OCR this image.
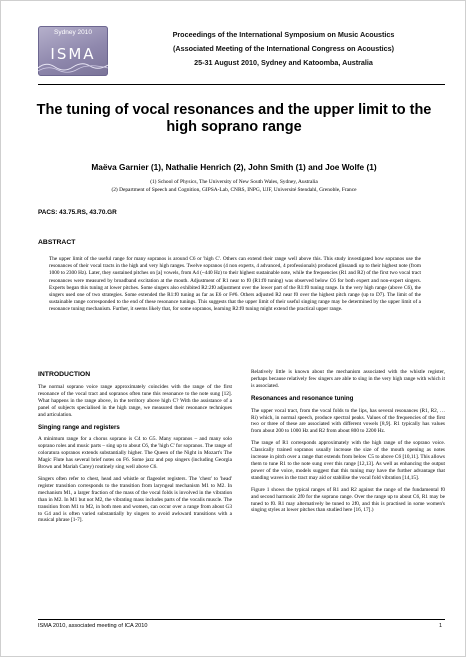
Sydney 2010
ISMA
Proceedings of the International Symposium on Music Acoustics
(Associated Meeting of the International Congress on Acoustics)
25-31 August 2010, Sydney and Katoomba, Australia
The tuning of vocal resonances and the upper limit to the high soprano range
Maëva Garnier (1), Nathalie Henrich (2), John Smith (1) and Joe Wolfe (1)
(1) School of Physics, The University of New South Wales, Sydney, Australia
(2) Department of Speech and Cognition, GIPSA-Lab, CNRS, INPG, UJF, Université Stendahl, Grenoble, France
PACS: 43.75.RS, 43.70.GR
ABSTRACT
The upper limit of the useful range for many sopranos is around C6 or 'high C'. Others can extend their range well above this. This study investigated how sopranos use the resonances of their vocal tracts in the high and very high ranges. Twelve sopranos (4 non experts, 4 advanced, 4 professionals) produced glissandi up to their highest note (from 1000 to 2300 Hz). Later, they sustained pitches on [a] vowels, from A4 (~440 Hz) to their highest sustainable note, while the frequencies (R1 and R2) of the first two vocal tract resonances were measured by broadband excitation at the mouth. Adjustment of R1 near to f0 (R1:f0 tuning) was observed below C6 for both expert and non-expert singers. Experts began this tuning at lower pitches. Some singers also exhibited R2:2f0 adjustment over the lower part of the R1:f0 tuning range. In the very high range (above C6), the singers used one of two strategies. Some extended the R1:f0 tuning as far as E6 or F#6. Others adjusted R2 near f0 over the highest pitch range (up to D7). The limit of the sustainable range corresponded to the end of these resonance tunings. This suggests that the upper limit of their useful singing range may be determined by the upper limit of a resonance tuning mechanism. Further, it seems likely that, for some sopranos, learning R2:f0 tuning might extend the practical upper range.
INTRODUCTION

The normal soprano voice range approximately coincides with the range of the first resonance of the vocal tract and sopranos often tune this resonance to the note sung [12]. What happens in the range above, in the territory above high C? With the assistance of a panel of subjects specialised in the high range, we measured their resonance techniques and articulation.

Singing range and registers

A minimum range for a chorus soprano is C4 to G5. Many sopranos – and many solo soprano roles and music parts – sing up to about C6, the 'high C' for sopranos. The range of coloratura sopranos extends substantially higher. The Queen of the Night in Mozart's The Magic Flute has several brief notes on F6. Some jazz and pop singers (including Georgia Brown and Mariah Carey) routinely sing well above C6.

Singers often refer to chest, head and whistle or flageolet registers. The 'chest' to 'head' register transition corresponds to the transition from laryngeal mechanism M1 to M2. In mechanism M1, a larger fraction of the mass of the vocal folds is involved in the vibration than in M2. In M1 but not M2, the vibrating mass includes parts of the vocalis muscle. The transition from M1 to M2, in both men and women, can occur over a range from about G3 to G4 and is often varied substantially by singers to avoid awkward transitions with a musical phrase [1-7].

Relatively little is known about the mechanism associated with the whistle register, perhaps because relatively few singers are able to sing in the very high range with which it is associated.

Resonances and resonance tuning

The upper vocal tract, from the vocal folds to the lips, has several resonances (R1, R2, … Ri) which, in normal speech, produce spectral peaks. Values of the frequencies of the first two or three of these are associated with different vowels [8,9]. R1 typically has values from about 200 to 1000 Hz and R2 from about 800 to 2200 Hz.

The range of R1 corresponds approximately with the high range of the soprano voice. Classically trained sopranos usually increase the size of the mouth opening as notes increase in pitch over a range that extends from below C5 to above C6 [10,11]. This allows them to tune R1 to the note sung over this range [12,13]. As well as enhancing the output power of the voice, models suggest that this tuning may have the further advantage that standing waves in the tract may aid or stabilise the vocal fold vibration [14,15].

Figure 1 shows the typical ranges of R1 and R2 against the range of the fundamental f0 and second harmonic 2f0 for the soprano range. Over the range up to about C6, R1 may be tuned to f0. R1 may alternatively be tuned to 2f0, and this is practised in some women's singing styles at lower pitches than studied here [16, 17].)

ISMA 2010, associated meeting of ICA 2010	1
